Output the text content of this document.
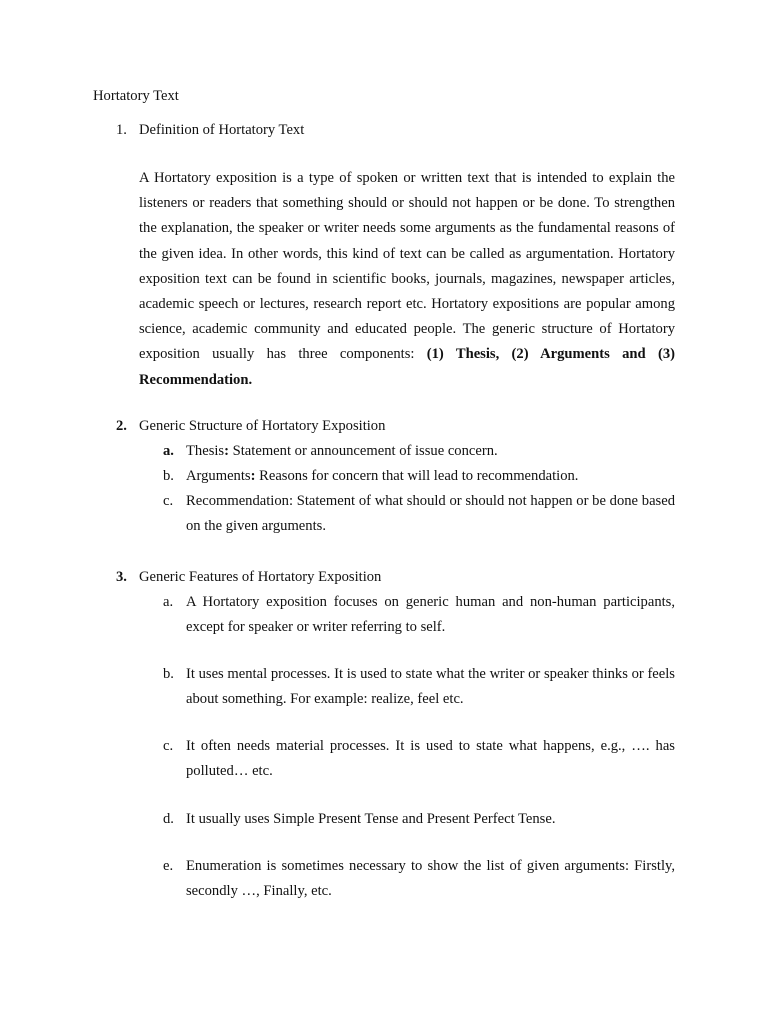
Hortatory Text
1. Definition of Hortatory Text
A Hortatory exposition is a type of spoken or written text that is intended to explain the listeners or readers that something should or should not happen or be done. To strengthen the explanation, the speaker or writer needs some arguments as the fundamental reasons of the given idea. In other words, this kind of text can be called as argumentation. Hortatory exposition text can be found in scientific books, journals, magazines, newspaper articles, academic speech or lectures, research report etc. Hortatory expositions are popular among science, academic community and educated people. The generic structure of Hortatory exposition usually has three components: (1) Thesis, (2) Arguments and (3) Recommendation.
2. Generic Structure of Hortatory Exposition
a. Thesis: Statement or announcement of issue concern.
b. Arguments: Reasons for concern that will lead to recommendation.
c. Recommendation: Statement of what should or should not happen or be done based on the given arguments.
3. Generic Features of Hortatory Exposition
a. A Hortatory exposition focuses on generic human and non-human participants, except for speaker or writer referring to self.
b. It uses mental processes. It is used to state what the writer or speaker thinks or feels about something. For example: realize, feel etc.
c. It often needs material processes. It is used to state what happens, e.g., …. has polluted… etc.
d. It usually uses Simple Present Tense and Present Perfect Tense.
e. Enumeration is sometimes necessary to show the list of given arguments: Firstly, secondly …, Finally, etc.
